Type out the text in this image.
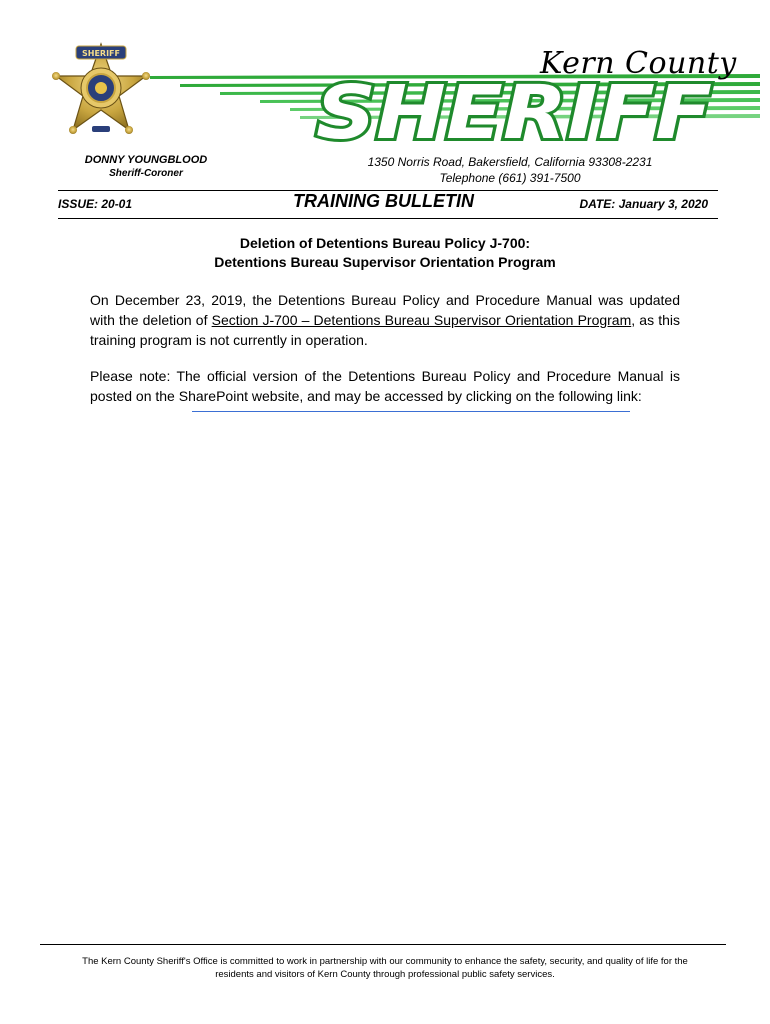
SHERIFF	Kern County
SHERIFF
DONNY YOUNGBLOOD
Sheriff-Coroner
1350 Norris Road, Bakersfield, California 93308-2231
Telephone (661) 391-7500
ISSUE: 20-01	TRAINING BULLETIN	DATE: January 3, 2020
Deletion of Detentions Bureau Policy J-700:
Detentions Bureau Supervisor Orientation Program
On December 23, 2019, the Detentions Bureau Policy and Procedure Manual was updated with the deletion of Section J-700 – Detentions Bureau Supervisor Orientation Program, as this training program is not currently in operation.
Please note: The official version of the Detentions Bureau Policy and Procedure Manual is posted on the SharePoint website, and may be accessed by clicking on the following link:
The Kern County Sheriff's Office is committed to work in partnership with our community to enhance the safety, security, and quality of life for the
residents and visitors of Kern County through professional public safety services.
